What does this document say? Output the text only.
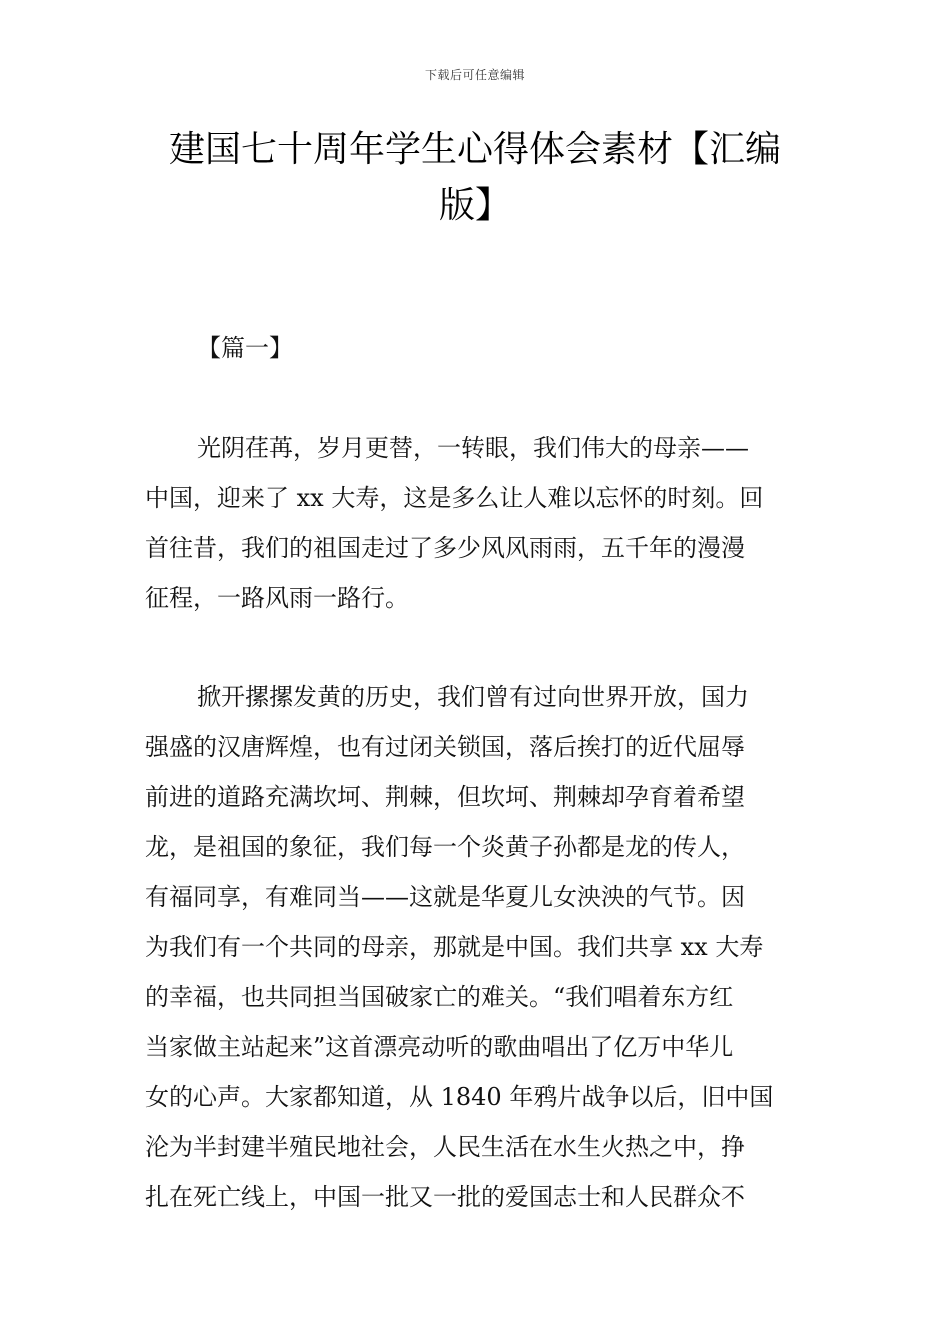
下载后可任意编辑
建国七十周年学生心得体会素材【汇编
版】

【篇一】

光阴荏苒，岁月更替，一转眼，我们伟大的母亲——
中国，迎来了 xx 大寿，这是多么让人难以忘怀的时刻。回
首往昔，我们的祖国走过了多少风风雨雨，五千年的漫漫
征程，一路风雨一路行。
掀开摞摞发黄的历史，我们曾有过向世界开放，国力
强盛的汉唐辉煌，也有过闭关锁国，落后挨打的近代屈辱
前进的道路充满坎坷、荆棘，但坎坷、荆棘却孕育着希望
龙，是祖国的象征，我们每一个炎黄子孙都是龙的传人，
有福同享，有难同当——这就是华夏儿女泱泱的气节。因
为我们有一个共同的母亲，那就是中国。我们共享 xx 大寿
的幸福，也共同担当国破家亡的难关。“我们唱着东方红
当家做主站起来”这首漂亮动听的歌曲唱出了亿万中华儿
女的心声。大家都知道，从 1840 年鸦片战争以后，旧中国
沦为半封建半殖民地社会，人民生活在水生火热之中，挣
扎在死亡线上，中国一批又一批的爱国志士和人民群众不
